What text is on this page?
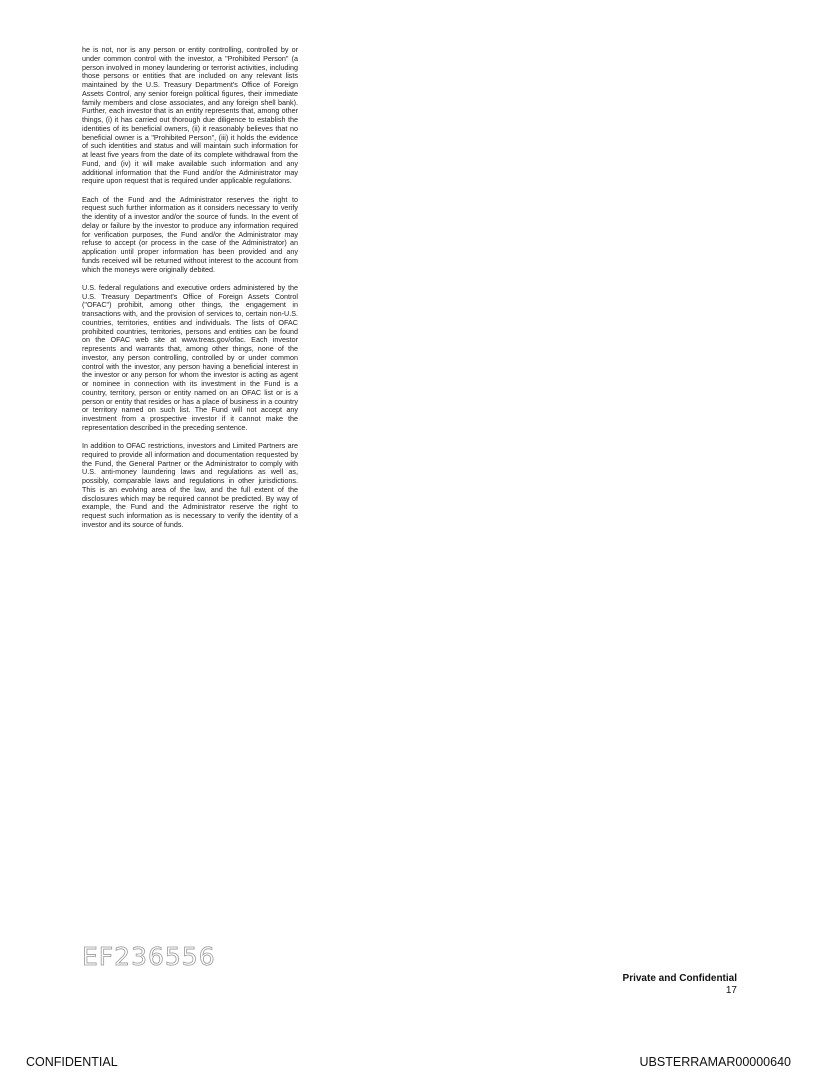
he is not, nor is any person or entity controlling, controlled by or under common control with the investor, a "Prohibited Person" (a person involved in money laundering or terrorist activities, including those persons or entities that are included on any relevant lists maintained by the U.S. Treasury Department's Office of Foreign Assets Control, any senior foreign political figures, their immediate family members and close associates, and any foreign shell bank). Further, each investor that is an entity represents that, among other things, (i) it has carried out thorough due diligence to establish the identities of its beneficial owners, (ii) it reasonably believes that no beneficial owner is a "Prohibited Person", (iii) it holds the evidence of such identities and status and will maintain such information for at least five years from the date of its complete withdrawal from the Fund, and (iv) it will make available such information and any additional information that the Fund and/or the Administrator may require upon request that is required under applicable regulations.

Each of the Fund and the Administrator reserves the right to request such further information as it considers necessary to verify the identity of a investor and/or the source of funds. In the event of delay or failure by the investor to produce any information required for verification purposes, the Fund and/or the Administrator may refuse to accept (or process in the case of the Administrator) an application until proper information has been provided and any funds received will be returned without interest to the account from which the moneys were originally debited.

U.S. federal regulations and executive orders administered by the U.S. Treasury Department's Office of Foreign Assets Control ("OFAC") prohibit, among other things, the engagement in transactions with, and the provision of services to, certain non-U.S. countries, territories, entities and individuals. The lists of OFAC prohibited countries, territories, persons and entities can be found on the OFAC web site at www.treas.gov/ofac. Each investor represents and warrants that, among other things, none of the investor, any person controlling, controlled by or under common control with the investor, any person having a beneficial interest in the investor or any person for whom the investor is acting as agent or nominee in connection with its investment in the Fund is a country, territory, person or entity named on an OFAC list or is a person or entity that resides or has a place of business in a country or territory named on such list. The Fund will not accept any investment from a prospective investor if it cannot make the representation described in the preceding sentence.

In addition to OFAC restrictions, investors and Limited Partners are required to provide all information and documentation requested by the Fund, the General Partner or the Administrator to comply with U.S. anti-money laundering laws and regulations as well as, possibly, comparable laws and regulations in other jurisdictions. This is an evolving area of the law, and the full extent of the disclosures which may be required cannot be predicted. By way of example, the Fund and the Administrator reserve the right to request such information as is necessary to verify the identity of a investor and its source of funds.

EF236556
Private and Confidential
17
CONFIDENTIAL	UBSTERRAMAR00000640
